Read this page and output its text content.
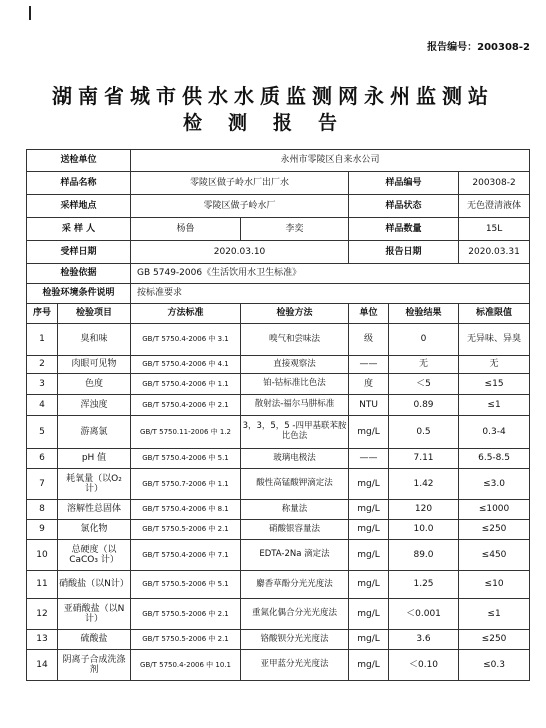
报告编号：200308-2
湖南省城市供水水质监测网永州监测站
检测报告
送检单位		永州市零陵区自来水公司				
样品名称		零陵区做子岭水厂出厂水		样品编号		200308-2
采样地点		零陵区做子岭水厂		样品状态		无色澄清液体
采 样 人		杨鲁	李奕	样品数量		15L
受样日期		2020.03.10		报告日期		2020.03.31
检验依据		GB 5749-2006《生活饮用水卫生标准》				
检验环境条件说明		按标准要求				
序号	检验项目	方法标准	检验方法	单位	检验结果	标准限值
1	臭和味	GB/T 5750.4-2006 中 3.1	嗅气和尝味法	级	0	无异味、异臭
2	肉眼可见物	GB/T 5750.4-2006 中 4.1	直接观察法	——	无	无
3	色度	GB/T 5750.4-2006 中 1.1	铂-钴标准比色法	度	＜5	≤15
4	浑浊度	GB/T 5750.4-2006 中 2.1	散射法-福尔马肼标准	NTU	0.89	≤1
5	游离氯	GB/T 5750.11-2006 中 1.2	3，3，5，5 -四甲基联苯胺比色法	mg/L	0.5	0.3-4
6	pH 值	GB/T 5750.4-2006 中 5.1	玻璃电极法	——	7.11	6.5-8.5
7	耗氧量（以O₂ 计）	GB/T 5750.7-2006 中 1.1	酸性高锰酸钾滴定法	mg/L	1.42	≤3.0
8	溶解性总固体	GB/T 5750.4-2006 中 8.1	称量法	mg/L	120	≤1000
9	氯化物	GB/T 5750.5-2006 中 2.1	硝酸银容量法	mg/L	10.0	≤250
10	总硬度（以CaCO₃ 计）	GB/T 5750.4-2006 中 7.1	EDTA-2Na 滴定法	mg/L	89.0	≤450
11	硝酸盐（以N计）	GB/T 5750.5-2006 中 5.1	麝香草酚分光光度法	mg/L	1.25	≤10
12	亚硝酸盐（以N计）	GB/T 5750.5-2006 中 2.1	重氮化偶合分光光度法	mg/L	＜0.001	≤1
13	硫酸盐	GB/T 5750.5-2006 中 2.1	铬酸钡分光光度法	mg/L	3.6	≤250
14	阴离子合成洗涤剂	GB/T 5750.4-2006 中 10.1	亚甲蓝分光光度法	mg/L	＜0.10	≤0.3
